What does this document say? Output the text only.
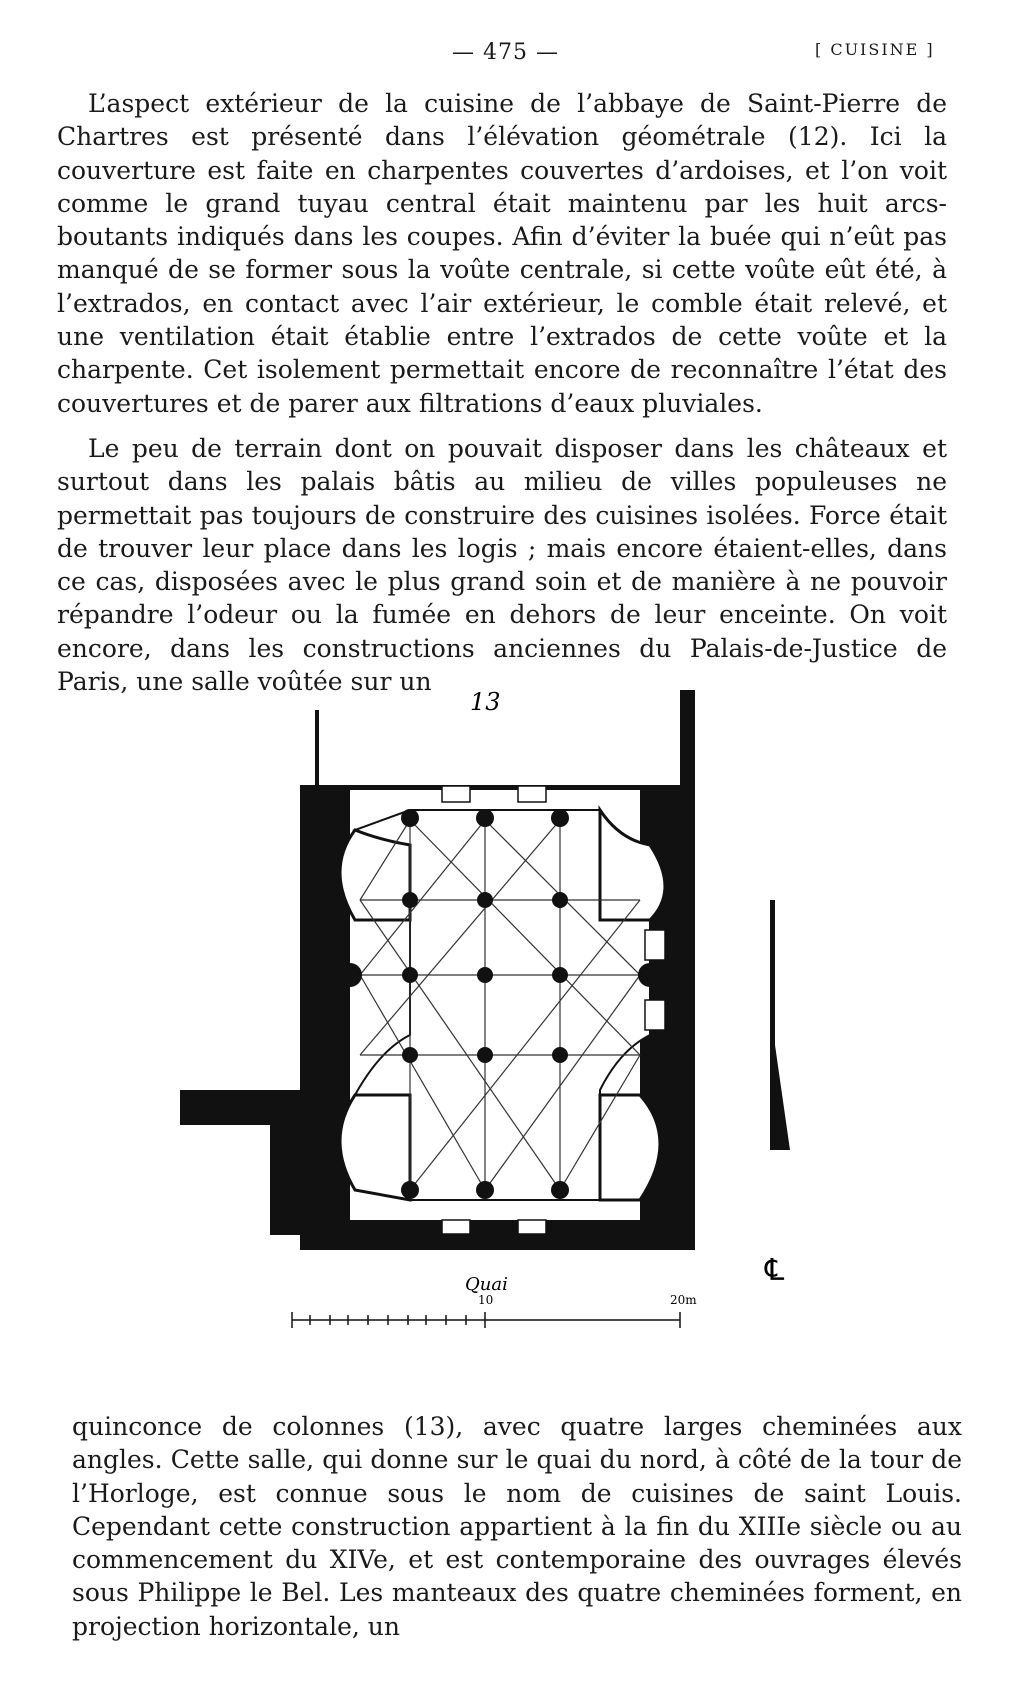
— 475 —	[ CUISINE ]

L’aspect extérieur de la cuisine de l’abbaye de Saint-Pierre de Chartres est présenté dans l’élévation géométrale (12). Ici la couverture est faite en charpentes couvertes d’ardoises, et l’on voit comme le grand tuyau central était maintenu par les huit arcs-boutants indiqués dans les coupes. Afin d’éviter la buée qui n’eût pas manqué de se former sous la voûte centrale, si cette voûte eût été, à l’extrados, en contact avec l’air extérieur, le comble était relevé, et une ventilation était établie entre l’extrados de cette voûte et la charpente. Cet isolement permettait encore de reconnaître l’état des couvertures et de parer aux filtrations d’eaux pluviales.

Le peu de terrain dont on pouvait disposer dans les châteaux et surtout dans les palais bâtis au milieu de villes populeuses ne permettait pas toujours de construire des cuisines isolées. Force était de trouver leur place dans les logis ; mais encore étaient-elles, dans ce cas, disposées avec le plus grand soin et de manière à ne pouvoir répandre l’odeur ou la fumée en dehors de leur enceinte. On voit encore, dans les constructions anciennes du Palais-de-Justice de Paris, une salle voûtée sur un

13
Quai	℄
10	20m

quinconce de colonnes (13), avec quatre larges cheminées aux angles. Cette salle, qui donne sur le quai du nord, à côté de la tour de l’Horloge, est connue sous le nom de cuisines de saint Louis. Cependant cette construction appartient à la fin du XIIIe siècle ou au commencement du XIVe, et est contemporaine des ouvrages élevés sous Philippe le Bel. Les manteaux des quatre cheminées forment, en projection horizontale, un
